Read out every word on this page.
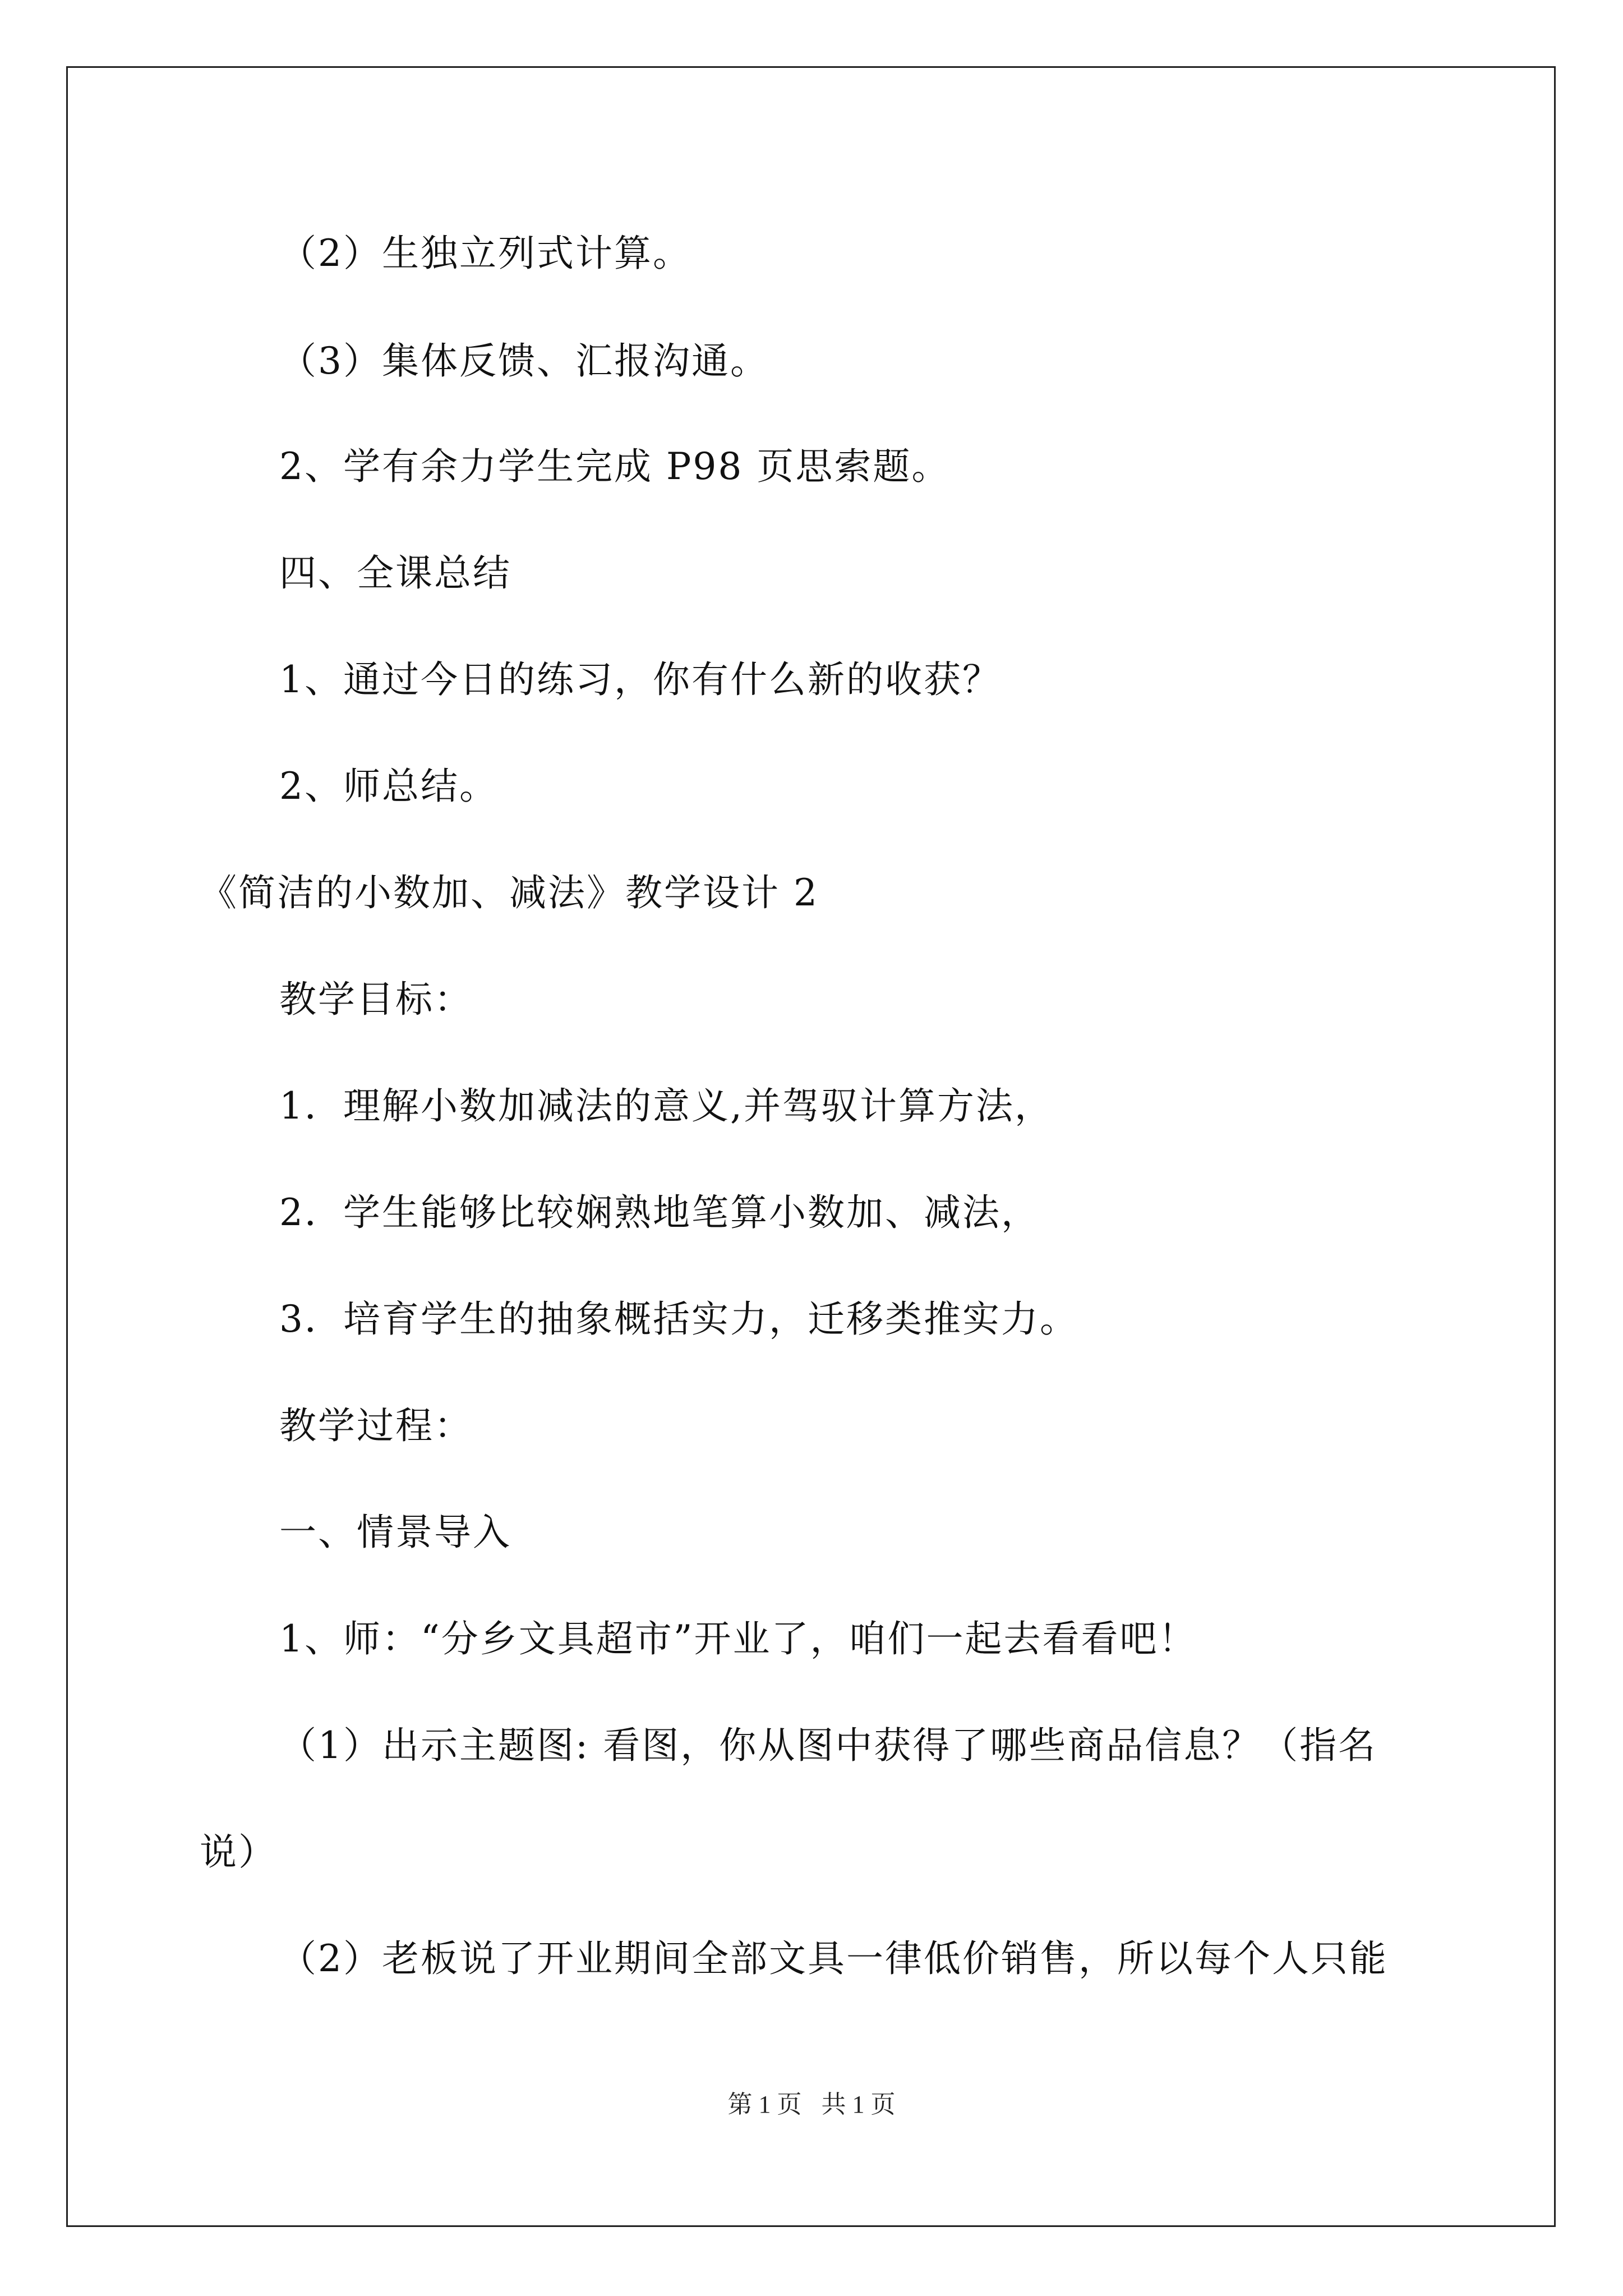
（2）生独立列式计算。
（3）集体反馈、汇报沟通。
2、学有余力学生完成 P98 页思索题。
四、全课总结
1、通过今日的练习，你有什么新的收获？
2、师总结。
《简洁的小数加、减法》教学设计 2
教学目标：
1．理解小数加减法的意义,并驾驭计算方法，
2．学生能够比较娴熟地笔算小数加、减法，
3．培育学生的抽象概括实力，迁移类推实力。
教学过程：
一、情景导入
1、师：“分乡文具超市”开业了，咱们一起去看看吧！
（1）出示主题图: 看图，你从图中获得了哪些商品信息？（指名
说）
（2）老板说了开业期间全部文具一律低价销售，所以每个人只能
第 1 页 共 1 页
